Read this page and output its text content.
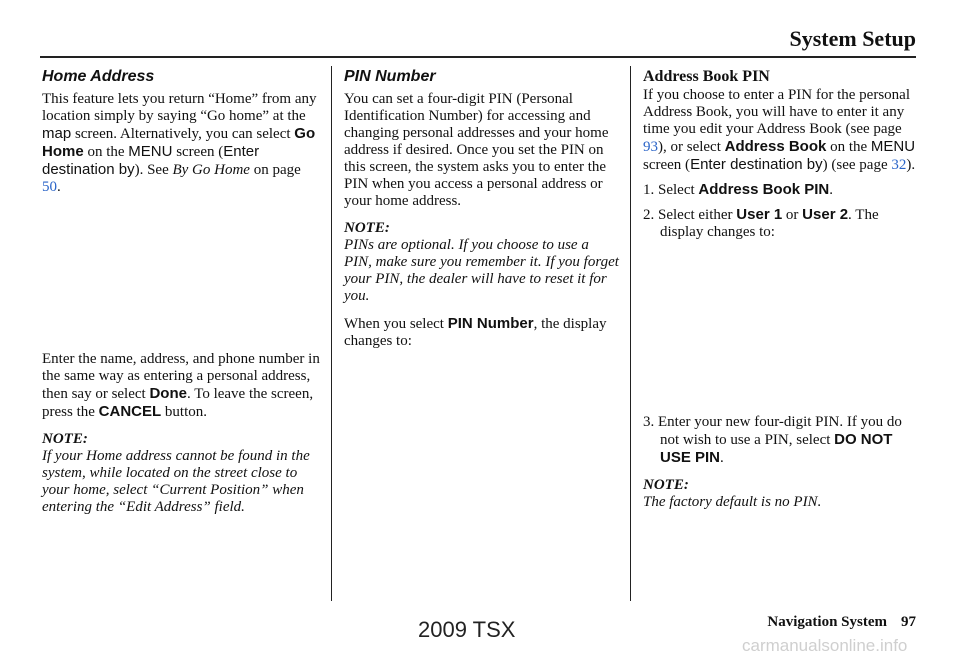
System Setup

Home Address

This feature lets you return “Home” from any location simply by saying “Go home” at the map screen. Alternatively, you can select Go Home on the MENU screen (Enter destination by). See By Go Home on page 50.

Enter the name, address, and phone number in the same way as entering a personal address, then say or select Done. To leave the screen, press the CANCEL button.

NOTE:

If your Home address cannot be found in the system, while located on the street close to your home, select “Current Position” when entering the “Edit Address” field.

PIN Number

You can set a four-digit PIN (Personal Identification Number) for accessing and changing personal addresses and your home address if desired. Once you set the PIN on this screen, the system asks you to enter the PIN when you access a personal address or your home address.

NOTE:

PINs are optional. If you choose to use a PIN, make sure you remember it. If you forget your PIN, the dealer will have to reset it for you.

When you select PIN Number, the display changes to:

Address Book PIN

If you choose to enter a PIN for the personal Address Book, you will have to enter it any time you edit your Address Book (see page 93), or select Address Book on the MENU screen (Enter destination by) (see page 32).

1. Select Address Book PIN.

2. Select either User 1 or User 2. The display changes to:

3. Enter your new four-digit PIN. If you do not wish to use a PIN, select DO NOT USE PIN.

NOTE:

The factory default is no PIN.

Navigation System 97
2009 TSX
carmanualsonline.info
